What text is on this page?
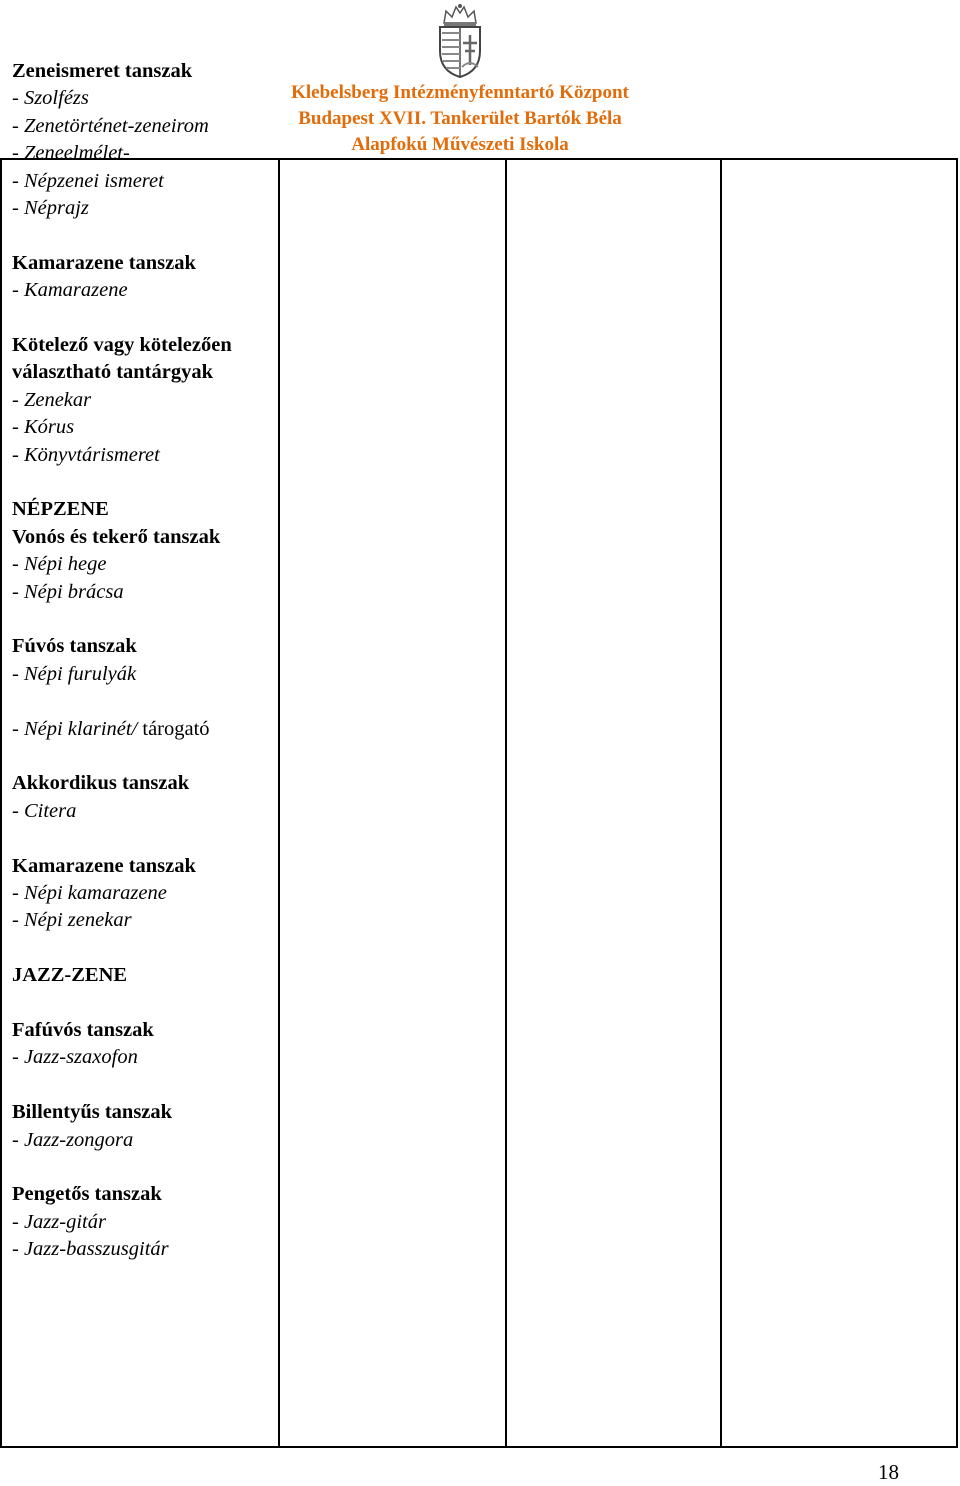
Klebelsberg Intézményfenntartó Központ
Budapest XVII. Tankerület Bartók Béla
Alapfokú Művészeti Iskola
Zeneismeret tanszak
- Szolfézs
- Zenetörténet-zeneirom
- Zeneelmélet-
- Népzenei ismeret
- Néprajz
Kamarazene tanszak
- Kamarazene
Kötelező vagy kötelezően
választható tantárgyak
- Zenekar
- Kórus
- Könyvtárismeret
NÉPZENE
Vonós és tekerő tanszak
- Népi hege
- Népi brácsa
Fúvós tanszak
- Népi furulyák
- Népi klarinét/ tárogató
Akkordikus tanszak
- Citera
Kamarazene tanszak
- Népi kamarazene
- Népi zenekar
JAZZ-ZENE
Fafúvós tanszak
- Jazz-szaxofon
Billentyűs tanszak
- Jazz-zongora
Pengetős tanszak
- Jazz-gitár
- Jazz-basszusgitár
18
